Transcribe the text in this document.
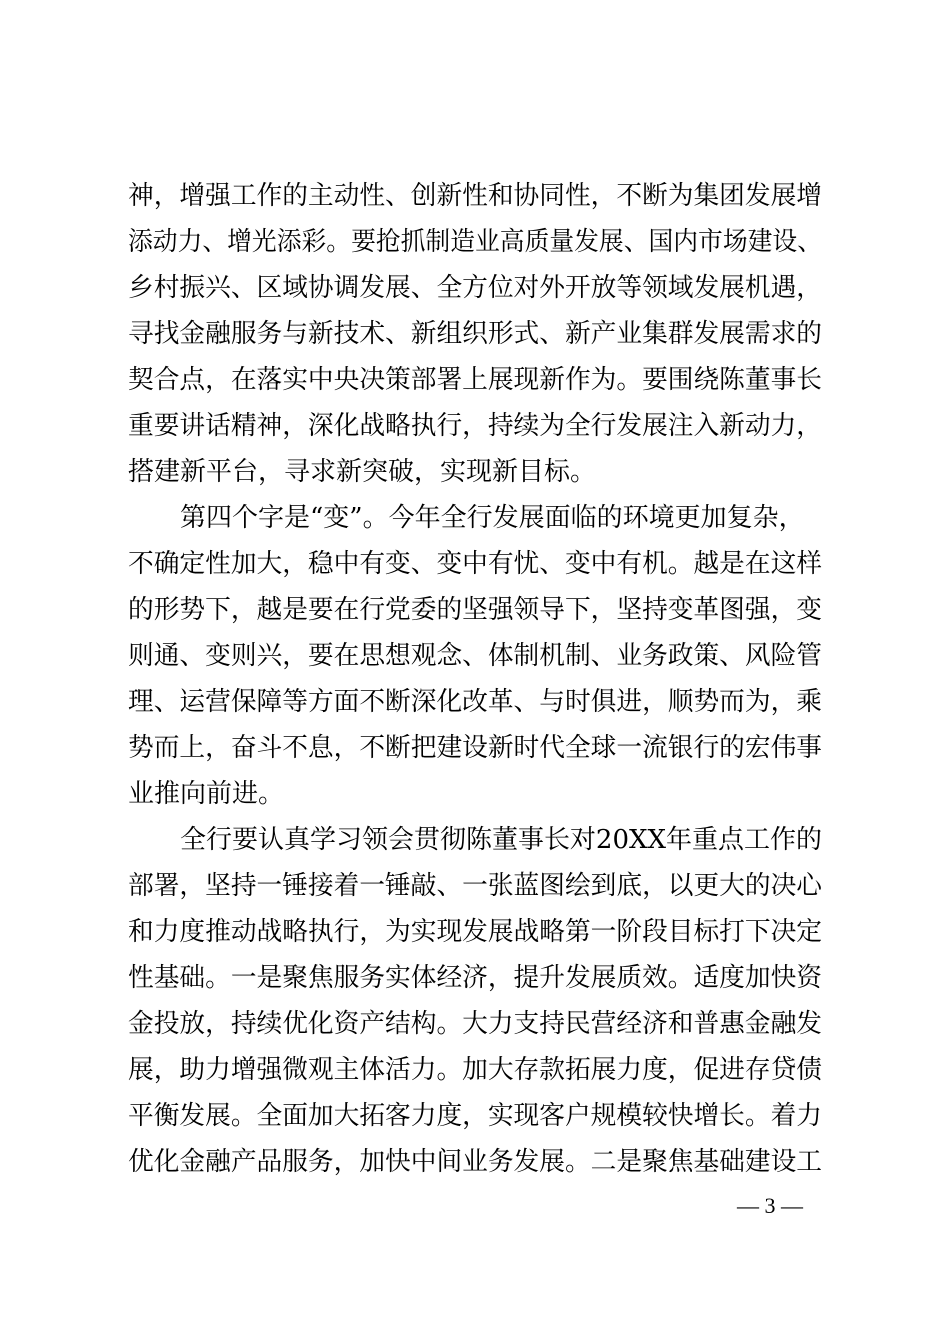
神，增强工作的主动性、创新性和协同性，不断为集团发展增
添动力、增光添彩。要抢抓制造业高质量发展、国内市场建设、
乡村振兴、区域协调发展、全方位对外开放等领域发展机遇，
寻找金融服务与新技术、新组织形式、新产业集群发展需求的
契合点，在落实中央决策部署上展现新作为。要围绕陈董事长
重要讲话精神，深化战略执行，持续为全行发展注入新动力，
搭建新平台，寻求新突破，实现新目标。
第四个字是“变”。今年全行发展面临的环境更加复杂，
不确定性加大，稳中有变、变中有忧、变中有机。越是在这样
的形势下，越是要在行党委的坚强领导下，坚持变革图强，变
则通、变则兴，要在思想观念、体制机制、业务政策、风险管
理、运营保障等方面不断深化改革、与时俱进，顺势而为，乘
势而上，奋斗不息，不断把建设新时代全球一流银行的宏伟事
业推向前进。
全行要认真学习领会贯彻陈董事长对20XX年重点工作的
部署，坚持一锤接着一锤敲、一张蓝图绘到底，以更大的决心
和力度推动战略执行，为实现发展战略第一阶段目标打下决定
性基础。一是聚焦服务实体经济，提升发展质效。适度加快资
金投放，持续优化资产结构。大力支持民营经济和普惠金融发
展，助力增强微观主体活力。加大存款拓展力度，促进存贷债
平衡发展。全面加大拓客力度，实现客户规模较快增长。着力
优化金融产品服务，加快中间业务发展。二是聚焦基础建设工
— 3 —
